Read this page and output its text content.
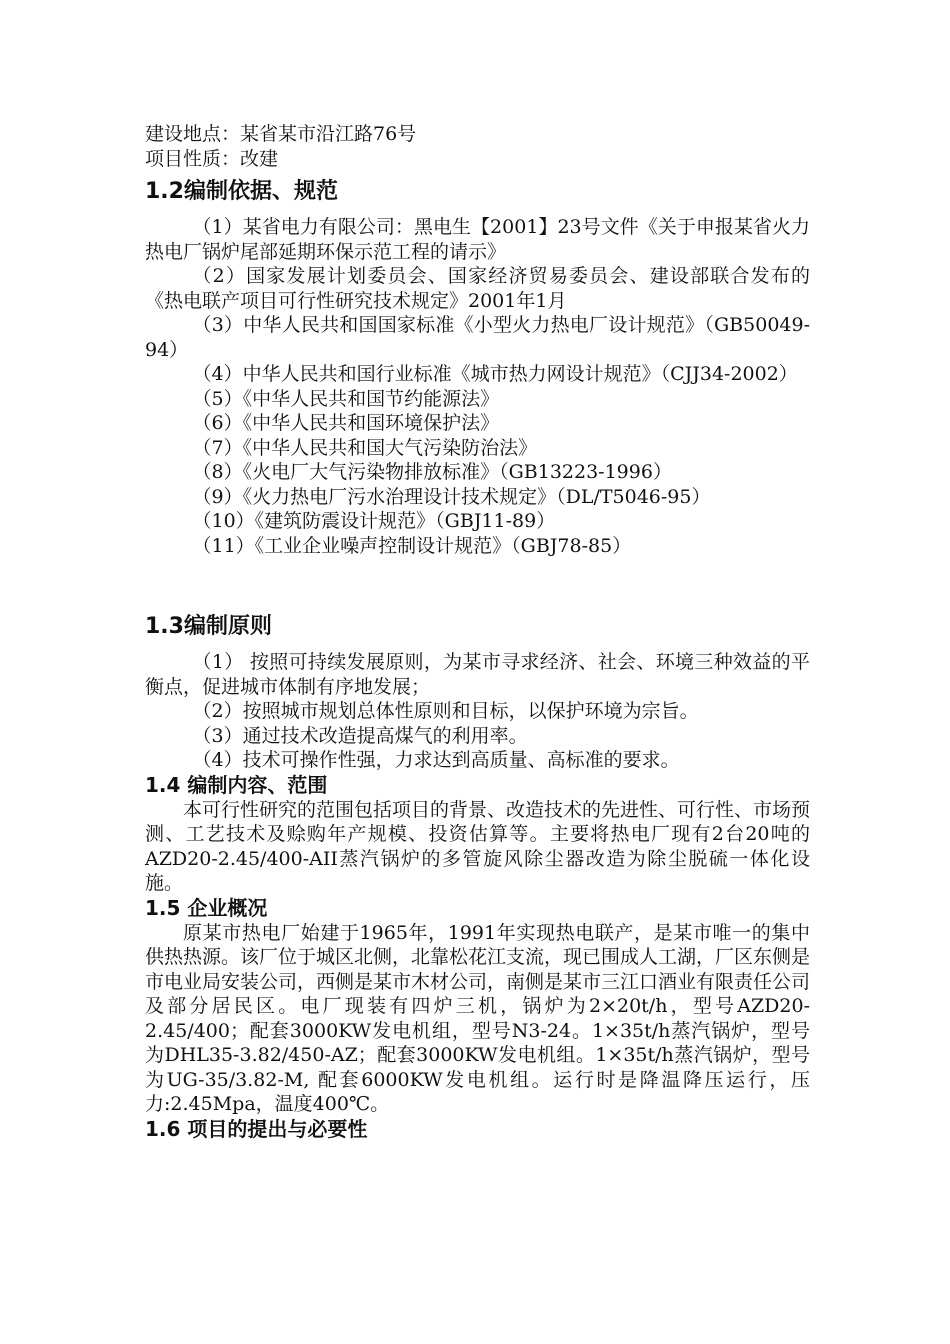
建设地点：某省某市沿江路76号

项目性质：改建

1.2编制依据、规范

（1）某省电力有限公司：黑电生【2001】23号文件《关于申报某省火力热电厂锅炉尾部延期环保示范工程的请示》

（2）国家发展计划委员会、国家经济贸易委员会、建设部联合发布的《热电联产项目可行性研究技术规定》2001年1月

（3）中华人民共和国国家标准《小型火力热电厂设计规范》（GB50049-94）

（4）中华人民共和国行业标准《城市热力网设计规范》（CJJ34-2002）

（5）《中华人民共和国节约能源法》

（6）《中华人民共和国环境保护法》

（7）《中华人民共和国大气污染防治法》

（8）《火电厂大气污染物排放标准》（GB13223-1996）

（9）《火力热电厂污水治理设计技术规定》（DL/T5046-95）

（10）《建筑防震设计规范》（GBJ11-89）

（11）《工业企业噪声控制设计规范》（GBJ78-85）

1.3编制原则

（1） 按照可持续发展原则，为某市寻求经济、社会、环境三种效益的平衡点，促进城市体制有序地发展；

（2）按照城市规划总体性原则和目标，以保护环境为宗旨。

（3）通过技术改造提高煤气的利用率。

（4）技术可操作性强，力求达到高质量、高标准的要求。

1.4 编制内容、范围

本可行性研究的范围包括项目的背景、改造技术的先进性、可行性、市场预测、工艺技术及赊购年产规模、投资估算等。主要将热电厂现有2台20吨的AZD20-2.45/400-AII蒸汽锅炉的多管旋风除尘器改造为除尘脱硫一体化设施。

1.5 企业概况

原某市热电厂始建于1965年，1991年实现热电联产，是某市唯一的集中供热热源。该厂位于城区北侧，北靠松花江支流，现已围成人工湖，厂区东侧是市电业局安装公司，西侧是某市木材公司，南侧是某市三江口酒业有限责任公司及部分居民区。电厂现装有四炉三机，锅炉为2×20t/h，型号AZD20-2.45/400；配套3000KW发电机组，型号N3-24。1×35t/h蒸汽锅炉，型号为DHL35-3.82/450-AZ；配套3000KW发电机组。1×35t/h蒸汽锅炉，型号为UG-35/3.82-M, 配套6000KW发电机组。运行时是降温降压运行，压力:2.45Mpa，温度400℃。

1.6 项目的提出与必要性
